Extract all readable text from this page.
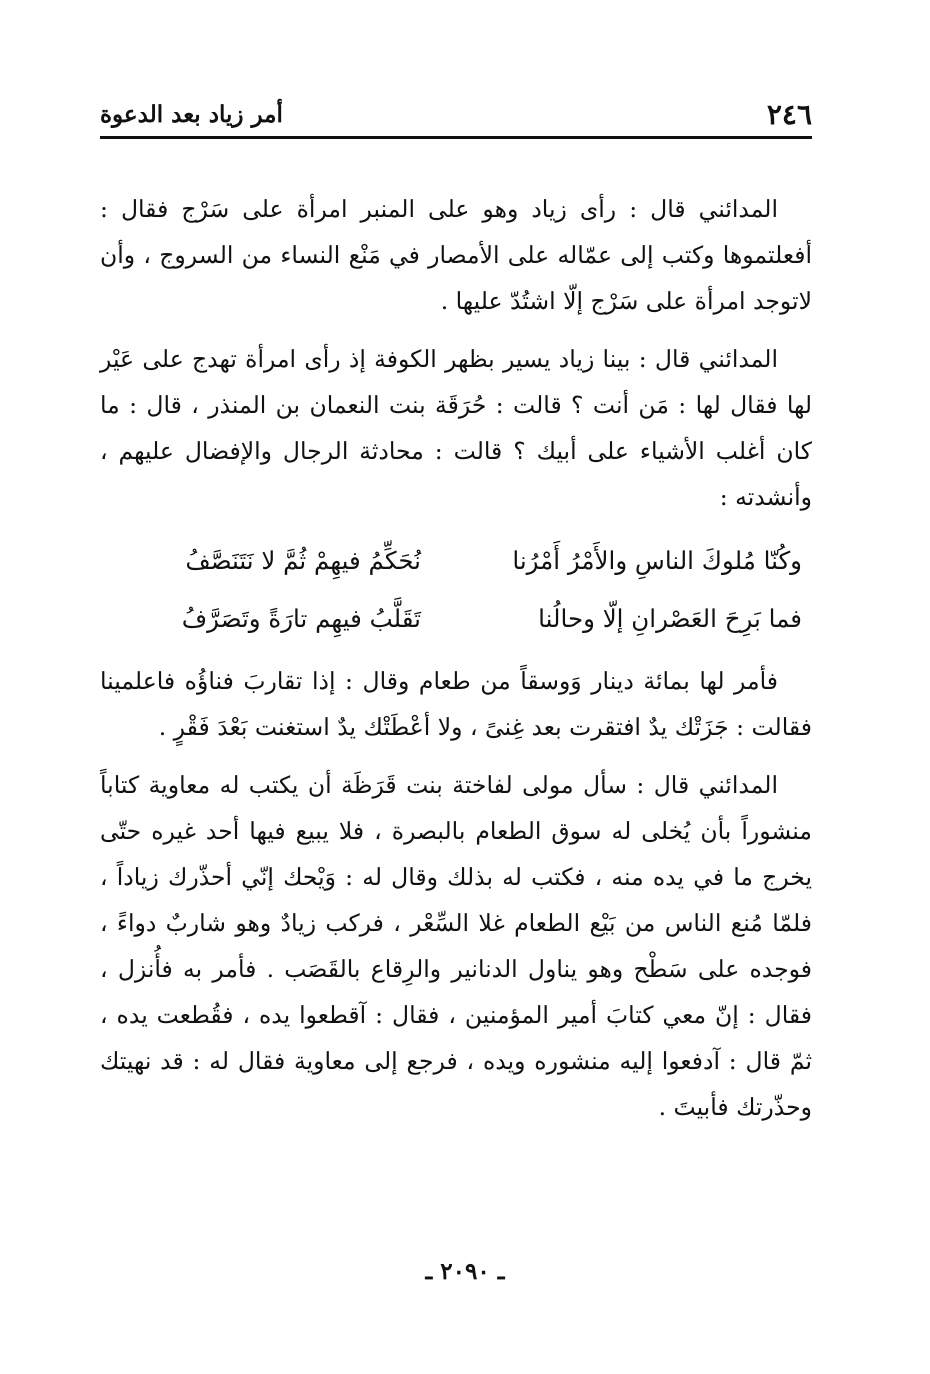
٢٤٦
أمر زياد بعد الدعوة

المدائني قال : رأى زياد وهو على المنبر امرأة على سَرْج فقال : أفعلتموها وكتب إلى عمّاله على الأمصار في مَنْع النساء من السروج ، وأن لاتوجد امرأة على سَرْج إلّا اشتُدّ عليها .

المدائني قال : بينا زياد يسير بظهر الكوفة إذ رأى امرأة تهدج على عَيْر لها فقال لها : مَن أنت ؟ قالت : حُرَقَة بنت النعمان بن المنذر ، قال : ما كان أغلب الأشياء على أبيك ؟ قالت : محادثة الرجال والإفضال عليهم ، وأنشدته :

وكُنّا مُلوكَ الناسِ والأَمْرُ أَمْرُنا
نُحَكِّمُ فيهِمْ ثُمَّ لا نَتَنَصَّفُ
فما بَرِحَ العَصْرانِ إلّا وحالُنا
تَقَلَّبُ فيهِم تارَةً وتَصَرَّفُ

فأمر لها بمائة دينار وَوسقاً من طعام وقال : إذا تقاربَ فناؤُه فاعلمينا فقالت : جَزَتْك يدٌ افتقرت بعد غِنىً ، ولا أعْطَتْك يدٌ استغنت بَعْدَ فَقْرٍ .

المدائني قال : سأل مولى لفاختة بنت قَرَظَة أن يكتب له معاوية كتاباً منشوراً بأن يُخلى له سوق الطعام بالبصرة ، فلا يبيع فيها أحد غيره حتّى يخرج ما في يده منه ، فكتب له بذلك وقال له : وَيْحك إنّي أحذّرك زياداً ، فلمّا مُنع الناس من بَيْع الطعام غلا السِّعْر ، فركب زيادٌ وهو شاربٌ دواءً ، فوجده على سَطْح وهو يناول الدنانير والرِقاع بالقَصَب . فأمر به فأُنزل ، فقال : إنّ معي كتابَ أمير المؤمنين ، فقال : آقطعوا يده ، فقُطعت يده ، ثمّ قال : آدفعوا إليه منشوره ويده ، فرجع إلى معاوية فقال له : قد نهيتك وحذّرتك فأبيتَ .

ـ ٢٠٩٠ ـ
